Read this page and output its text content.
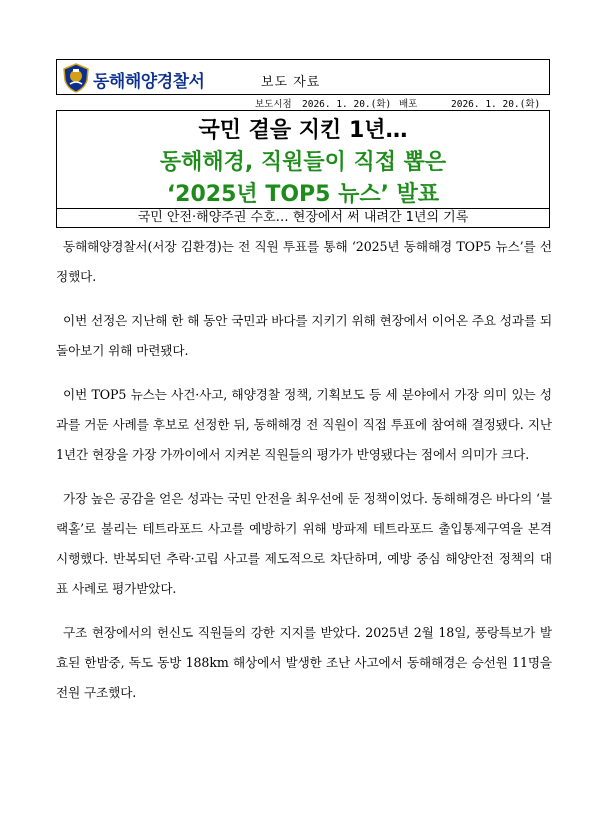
동해해양경찰서	보도 자료
보도시점 2026. 1. 20.(화) 배포	2026. 1. 20.(화)
국민 곁을 지킨 1년…
동해해경, 직원들이 직접 뽑은
‘2025년 TOP5 뉴스’ 발표
국민 안전·해양주권 수호… 현장에서 써 내려간 1년의 기록

동해해양경찰서(서장 김환경)는 전 직원 투표를 통해 ‘2025년 동해해경 TOP5 뉴스’를 선정했다.

이번 선정은 지난해 한 해 동안 국민과 바다를 지키기 위해 현장에서 이어온 주요 성과를 되돌아보기 위해 마련됐다.

이번 TOP5 뉴스는 사건·사고, 해양경찰 정책, 기획보도 등 세 분야에서 가장 의미 있는 성과를 거둔 사례를 후보로 선정한 뒤, 동해해경 전 직원이 직접 투표에 참여해 결정됐다. 지난 1년간 현장을 가장 가까이에서 지켜본 직원들의 평가가 반영됐다는 점에서 의미가 크다.

가장 높은 공감을 얻은 성과는 국민 안전을 최우선에 둔 정책이었다. 동해해경은 바다의 ‘블랙홀’로 불리는 테트라포드 사고를 예방하기 위해 방파제 테트라포드 출입통제구역을 본격 시행했다. 반복되던 추락·고립 사고를 제도적으로 차단하며, 예방 중심 해양안전 정책의 대표 사례로 평가받았다.

구조 현장에서의 헌신도 직원들의 강한 지지를 받았다. 2025년 2월 18일, 풍랑특보가 발효된 한밤중, 독도 동방 188km 해상에서 발생한 조난 사고에서 동해해경은 승선원 11명을 전원 구조했다.
